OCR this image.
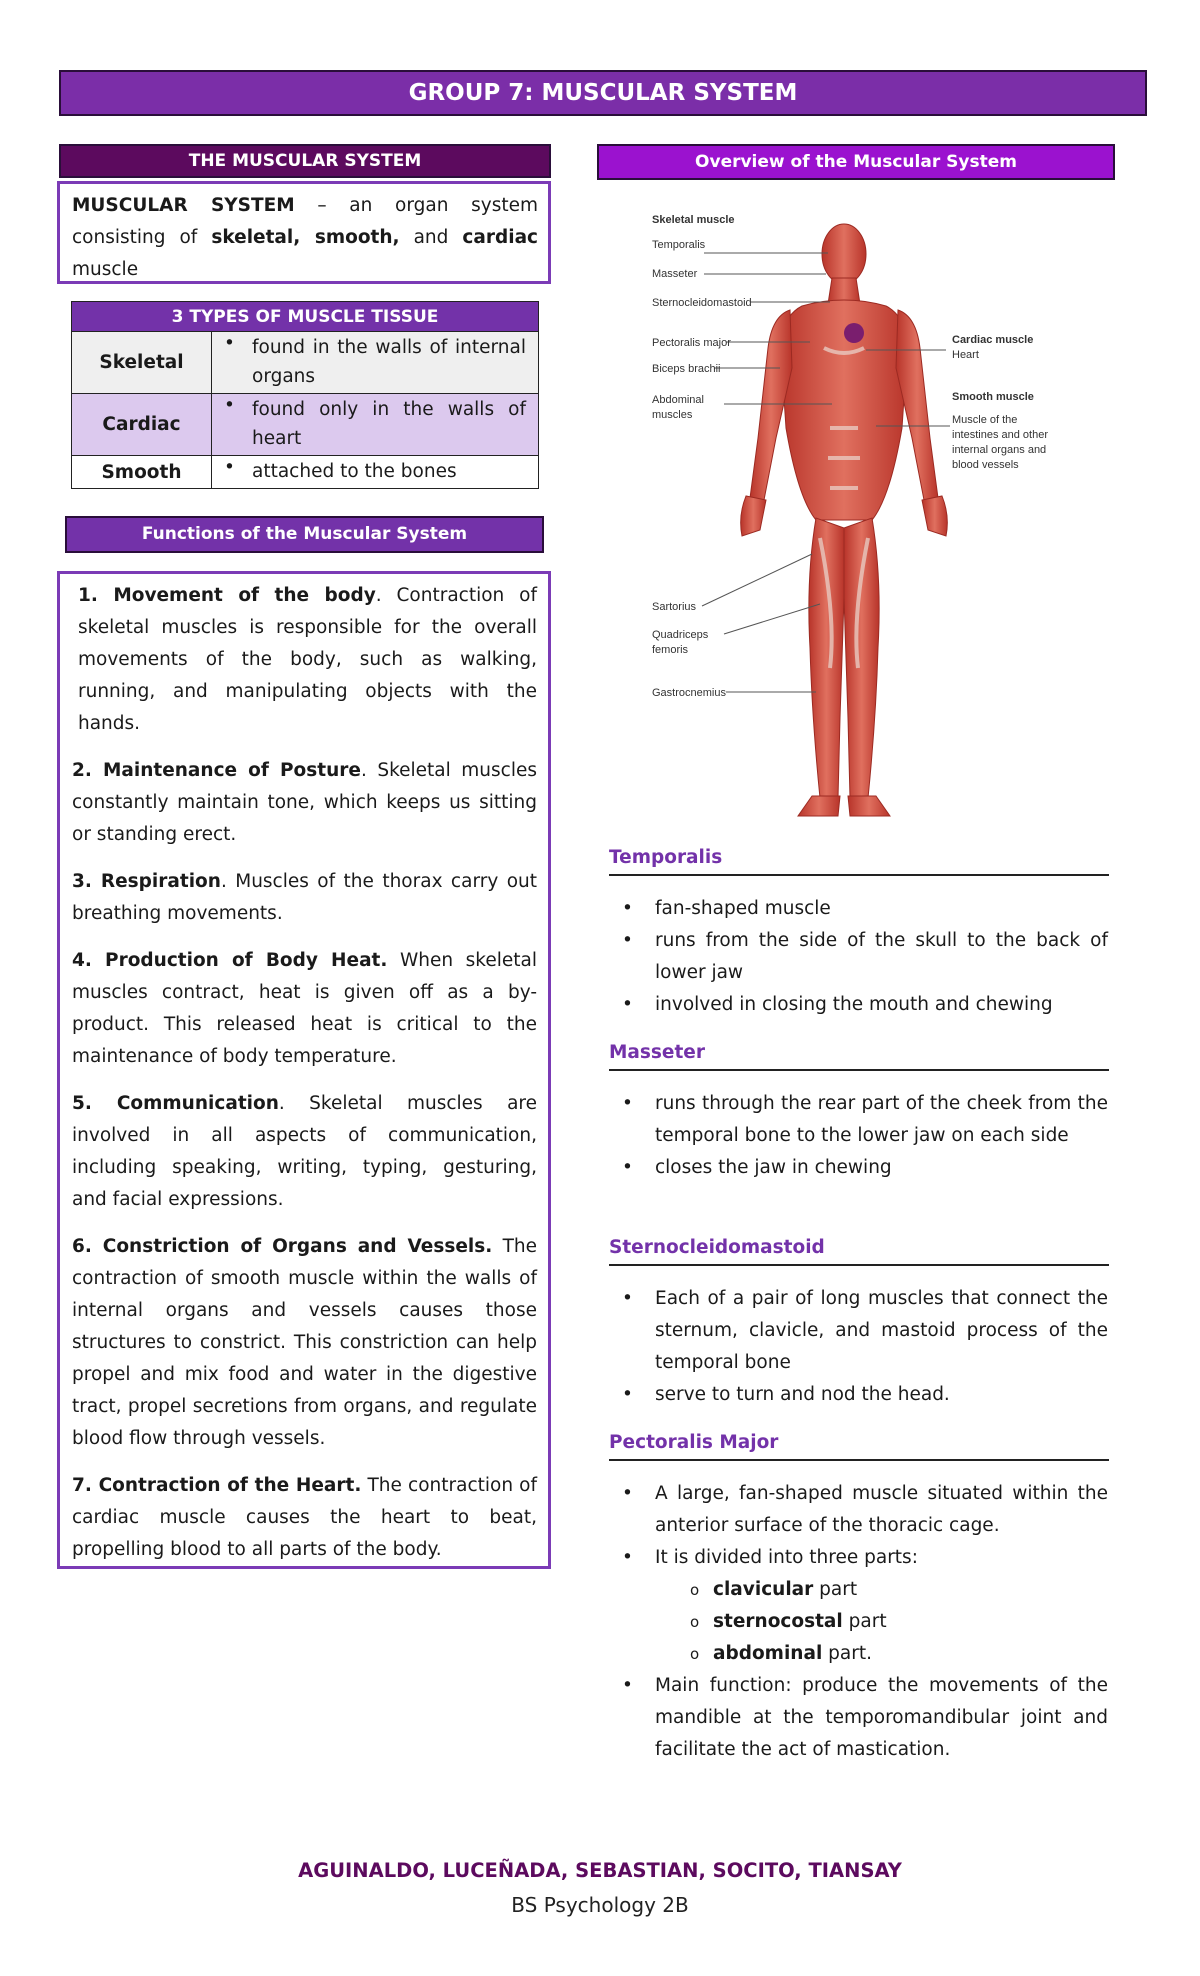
GROUP 7: MUSCULAR SYSTEM
THE MUSCULAR SYSTEM
MUSCULAR SYSTEM – an organ system consisting of skeletal, smooth, and cardiac muscle
3 TYPES OF MUSCLE TISSUE	
Skeletal	• found in the walls of internal organs

Cardiac	• found only in the walls of heart

Smooth	• attached to the bones
Functions of the Muscular System

1. Movement of the body. Contraction of skeletal muscles is responsible for the overall movements of the body, such as walking, running, and manipulating objects with the hands.

2. Maintenance of Posture. Skeletal muscles constantly maintain tone, which keeps us sitting or standing erect.

3. Respiration. Muscles of the thorax carry out breathing movements.

4. Production of Body Heat. When skeletal muscles contract, heat is given off as a by-product. This released heat is critical to the maintenance of body temperature.

5. Communication. Skeletal muscles are involved in all aspects of communication, including speaking, writing, typing, gesturing, and facial expressions.

6. Constriction of Organs and Vessels. The contraction of smooth muscle within the walls of internal organs and vessels causes those structures to constrict. This constriction can help propel and mix food and water in the digestive tract, propel secretions from organs, and regulate blood flow through vessels.

7. Contraction of the Heart. The contraction of cardiac muscle causes the heart to beat, propelling blood to all parts of the body.

Overview of the Muscular System
Skeletal muscle
Temporalis
Masseter
Sternocleidomastoid
Pectoralis major
Biceps brachii
Abdominal
muscles
Sartorius
Quadriceps
femoris
Gastrocnemius
Cardiac muscle
Heart
Smooth muscle
Muscle of the
intestines and other
internal organs and
blood vessels
Temporalis
•	fan-shaped muscle
•	runs from the side of the skull to the back of lower jaw
•	involved in closing the mouth and chewing
Masseter
•	runs through the rear part of the cheek from the temporal bone to the lower jaw on each side
•	closes the jaw in chewing
Sternocleidomastoid
•	Each of a pair of long muscles that connect the sternum, clavicle, and mastoid process of the temporal bone
•	serve to turn and nod the head.
Pectoralis Major
•	A large, fan-shaped muscle situated within the anterior surface of the thoracic cage.
•	It is divided into three parts:
o clavicular part
o sternocostal part
o abdominal part.
•	Main function: produce the movements of the mandible at the temporomandibular joint and facilitate the act of mastication.
AGUINALDO, LUCEÑADA, SEBASTIAN, SOCITO, TIANSAY
BS Psychology 2B
